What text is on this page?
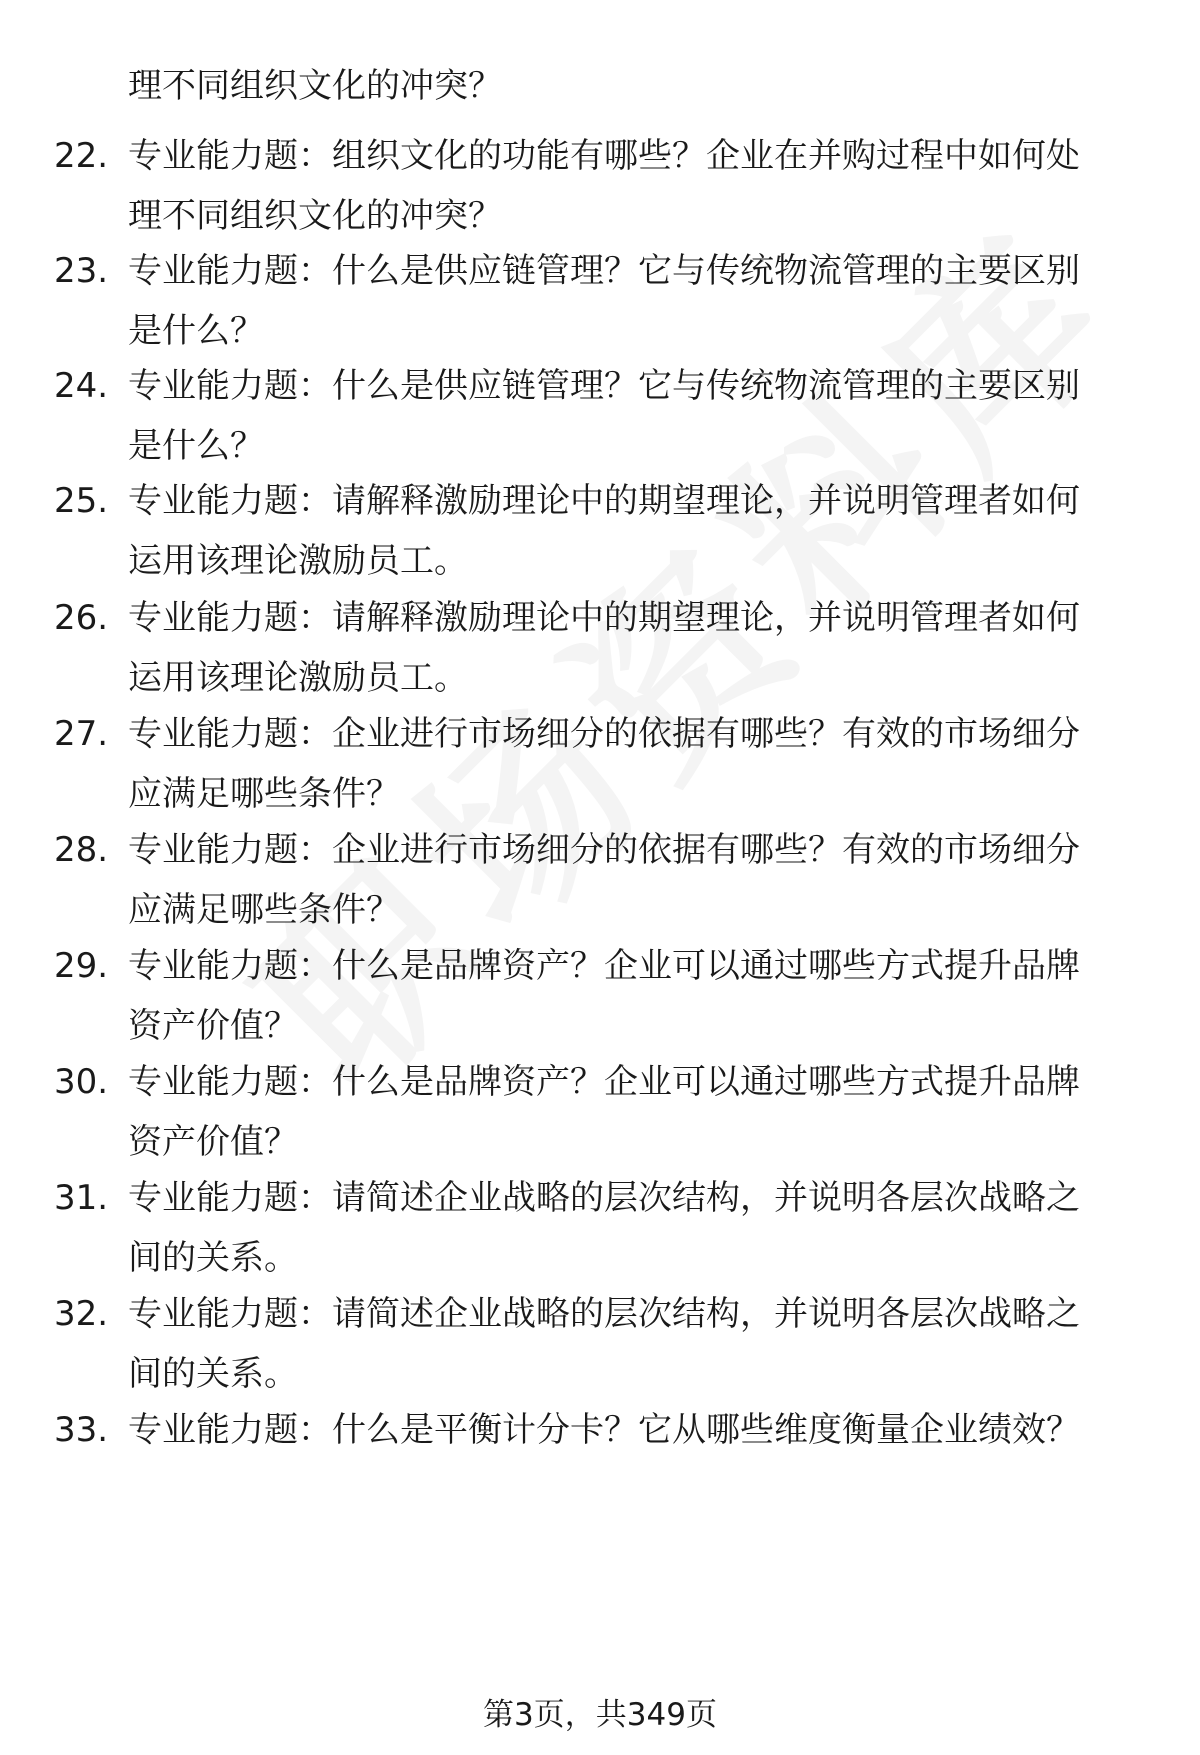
理不同组织文化的冲突？
22. 专业能力题：组织文化的功能有哪些？企业在并购过程中如何处
理不同组织文化的冲突？
23. 专业能力题：什么是供应链管理？它与传统物流管理的主要区别
是什么？
24. 专业能力题：什么是供应链管理？它与传统物流管理的主要区别
是什么？
25. 专业能力题：请解释激励理论中的期望理论，并说明管理者如何
运用该理论激励员工。
26. 专业能力题：请解释激励理论中的期望理论，并说明管理者如何
运用该理论激励员工。
27. 专业能力题：企业进行市场细分的依据有哪些？有效的市场细分
应满足哪些条件？
28. 专业能力题：企业进行市场细分的依据有哪些？有效的市场细分
应满足哪些条件？
29. 专业能力题：什么是品牌资产？企业可以通过哪些方式提升品牌
资产价值？
30. 专业能力题：什么是品牌资产？企业可以通过哪些方式提升品牌
资产价值？
31. 专业能力题：请简述企业战略的层次结构，并说明各层次战略之
间的关系。
32. 专业能力题：请简述企业战略的层次结构，并说明各层次战略之
间的关系。
33. 专业能力题：什么是平衡计分卡？它从哪些维度衡量企业绩效？
第3页，共349页
